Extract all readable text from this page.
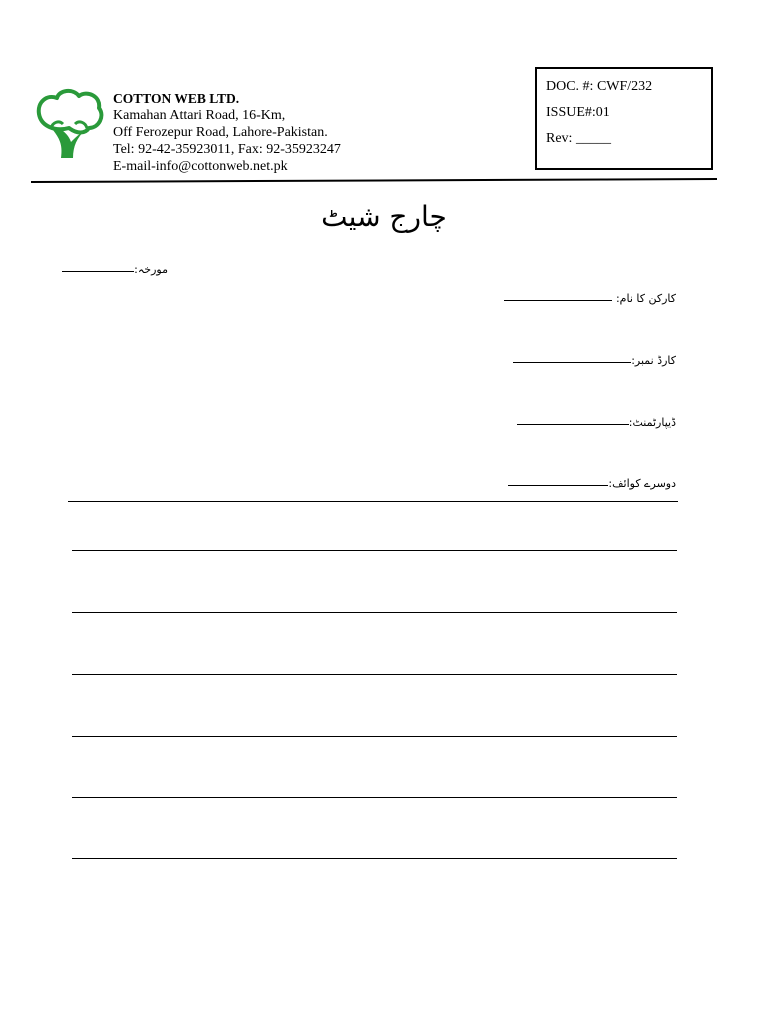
COTTON WEB LTD.
Kamahan Attari Road, 16-Km,
Off Ferozepur Road, Lahore-Pakistan.
Tel: 92-42-35923011, Fax: 92-35923247
E-mail-info@cottonweb.net.pk
DOC. #: CWF/232
ISSUE#:01
Rev: _____
چارج شیٹ
مورخہ:
کارکن کا نام:
کارڈ نمبر:
ڈیپارٹمنٹ:
دوسرے کوائف:
